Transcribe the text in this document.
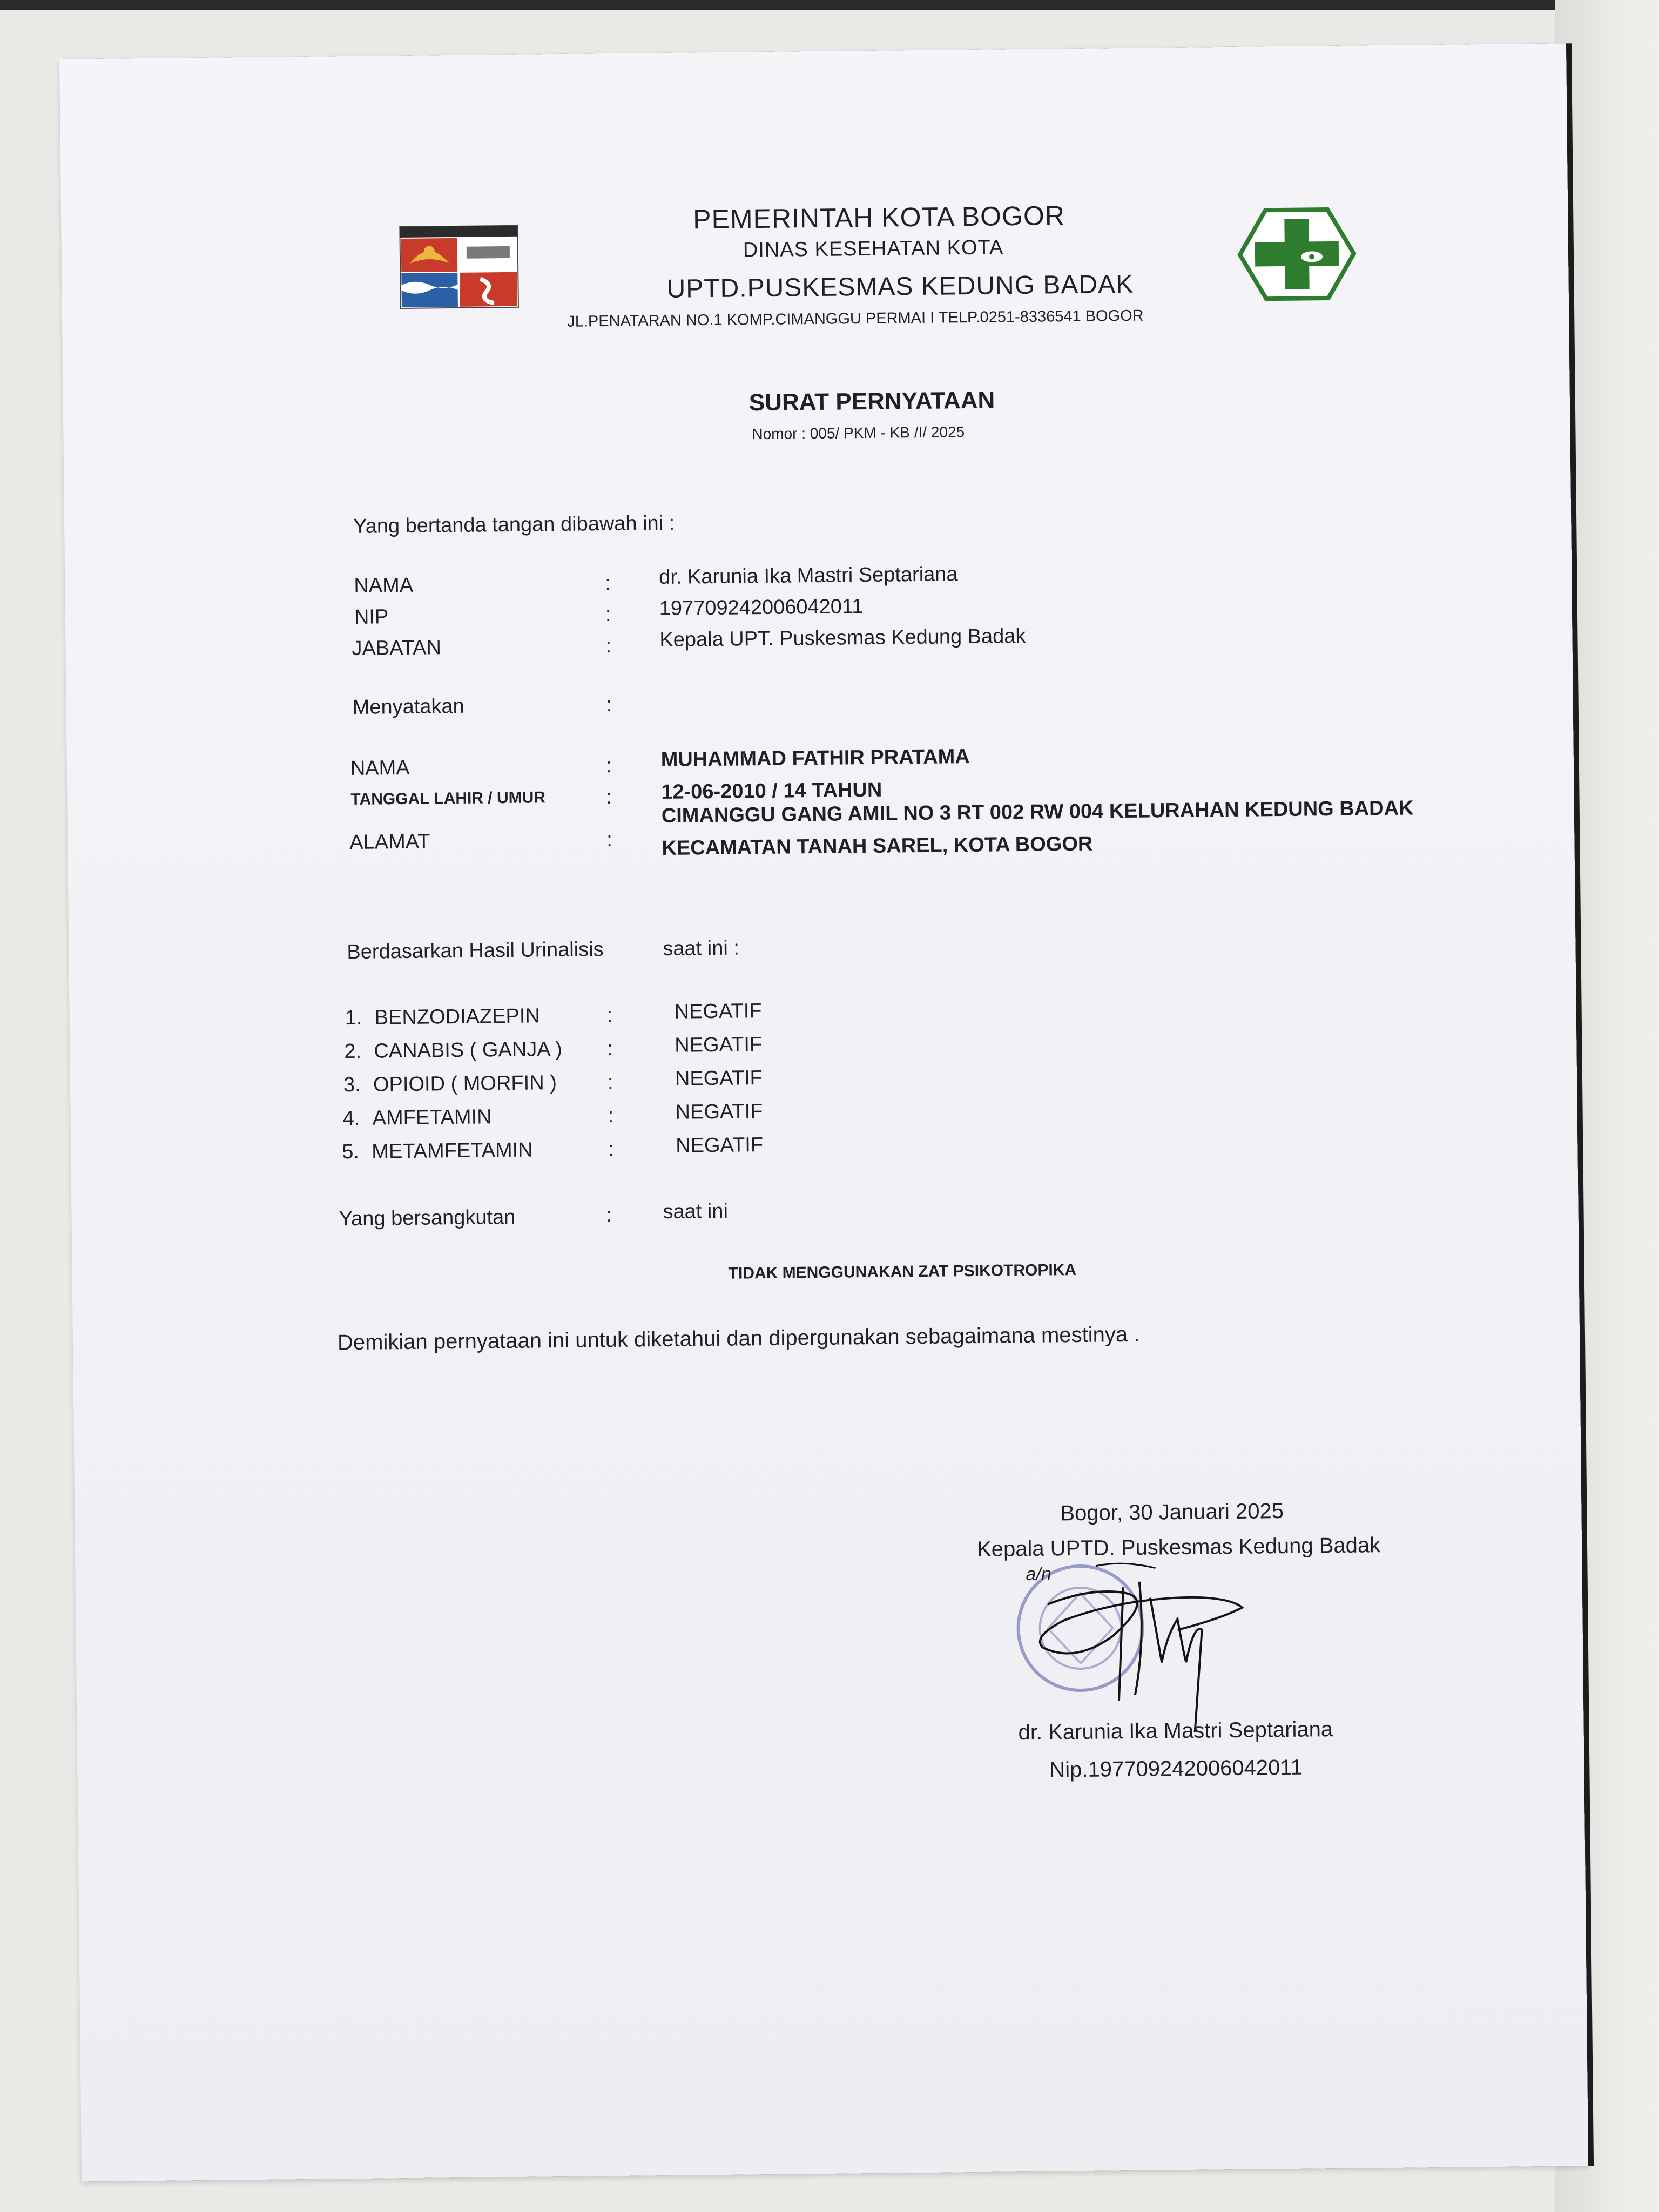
PEMERINTAH KOTA BOGOR
DINAS KESEHATAN KOTA
UPTD.PUSKESMAS KEDUNG BADAK
JL.PENATARAN NO.1 KOMP.CIMANGGU PERMAI I TELP.0251-8336541 BOGOR
SURAT PERNYATAAN
Nomor : 005/ PKM - KB /I/ 2025
Yang bertanda tangan dibawah ini :
NAMA	: dr. Karunia Ika Mastri Septariana
NIP	: 197709242006042011
JABATAN	: Kepala UPT. Puskesmas Kedung Badak
Menyatakan	:
NAMA	: MUHAMMAD FATHIR PRATAMA
TANGGAL LAHIR / UMUR	: 12-06-2010 / 14 TAHUN
ALAMAT	:
CIMANGGU GANG AMIL NO 3 RT 002 RW 004 KELURAHAN KEDUNG BADAK
KECAMATAN TANAH SAREL, KOTA BOGOR
Berdasarkan Hasil Urinalisis	saat ini :
1. BENZODIAZEPIN	:	NEGATIF
2. CANABIS ( GANJA ) :	NEGATIF
3. OPIOID ( MORFIN ) :	NEGATIF
4. AMFETAMIN	:	NEGATIF
5. METAMFETAMIN	:	NEGATIF
Yang bersangkutan	: saat ini
TIDAK MENGGUNAKAN ZAT PSIKOTROPIKA
Demikian pernyataan ini untuk diketahui dan dipergunakan sebagaimana mestinya .
Bogor, 30 Januari 2025
Kepala UPTD. Puskesmas Kedung Badak
a/n
dr. Karunia Ika Mastri Septariana
Nip.197709242006042011
